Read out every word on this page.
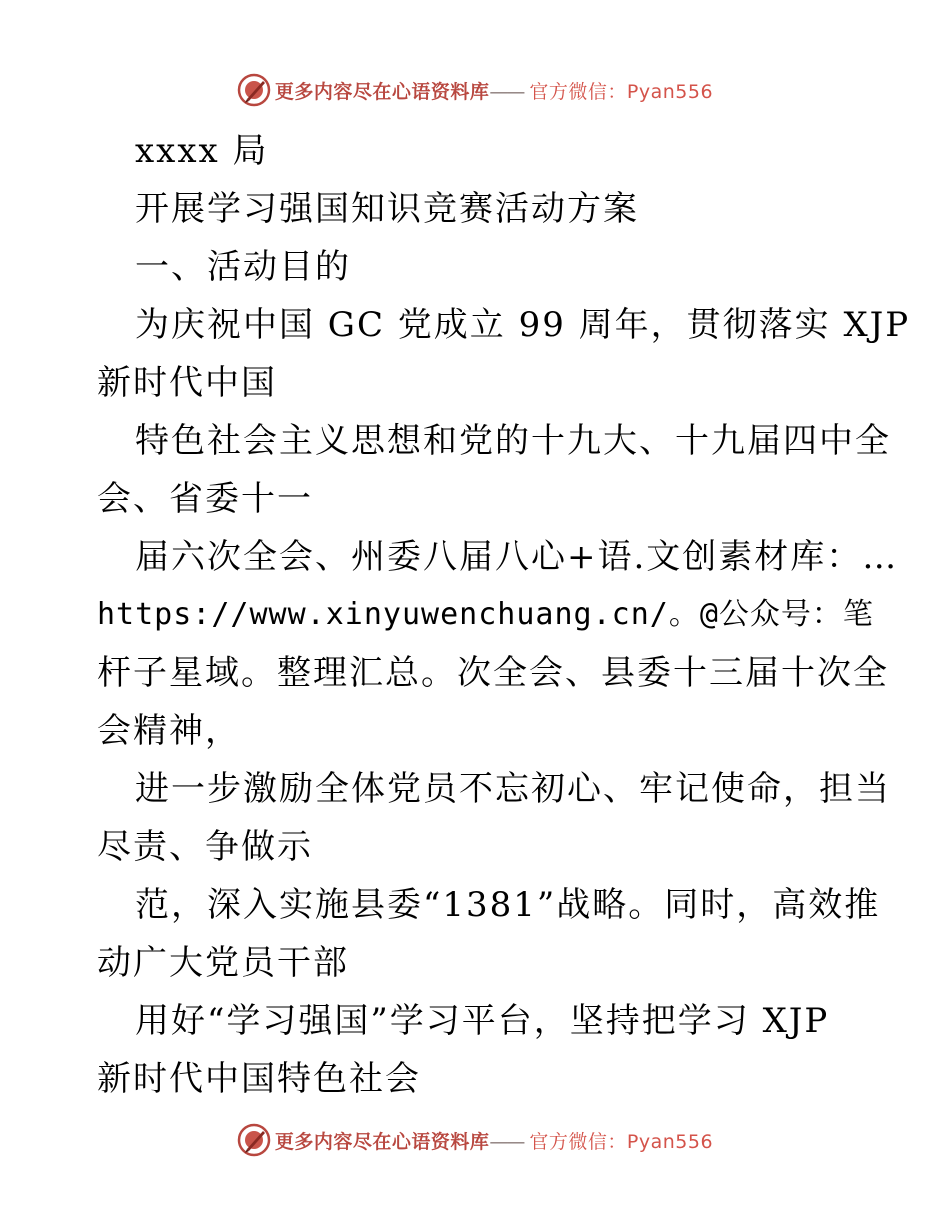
更多内容尽在心语资料库—— 官方微信：Pyan556
xxxx 局
开展学习强国知识竞赛活动方案
一、活动目的
为庆祝中国 GC 党成立 99 周年，贯彻落实 XJP
新时代中国
特色社会主义思想和党的十九大、十九届四中全
会、省委十一
届六次全会、州委八届八心+语.文创素材库：…
https://www.xinyuwenchuang.cn/。@公众号：笔
杆子星域。整理汇总。次全会、县委十三届十次全
会精神，
进一步激励全体党员不忘初心、牢记使命，担当
尽责、争做示
范，深入实施县委“1381”战略。同时，高效推
动广大党员干部
用好“学习强国”学习平台，坚持把学习 XJP
新时代中国特色社会
更多内容尽在心语资料库—— 官方微信：Pyan556
